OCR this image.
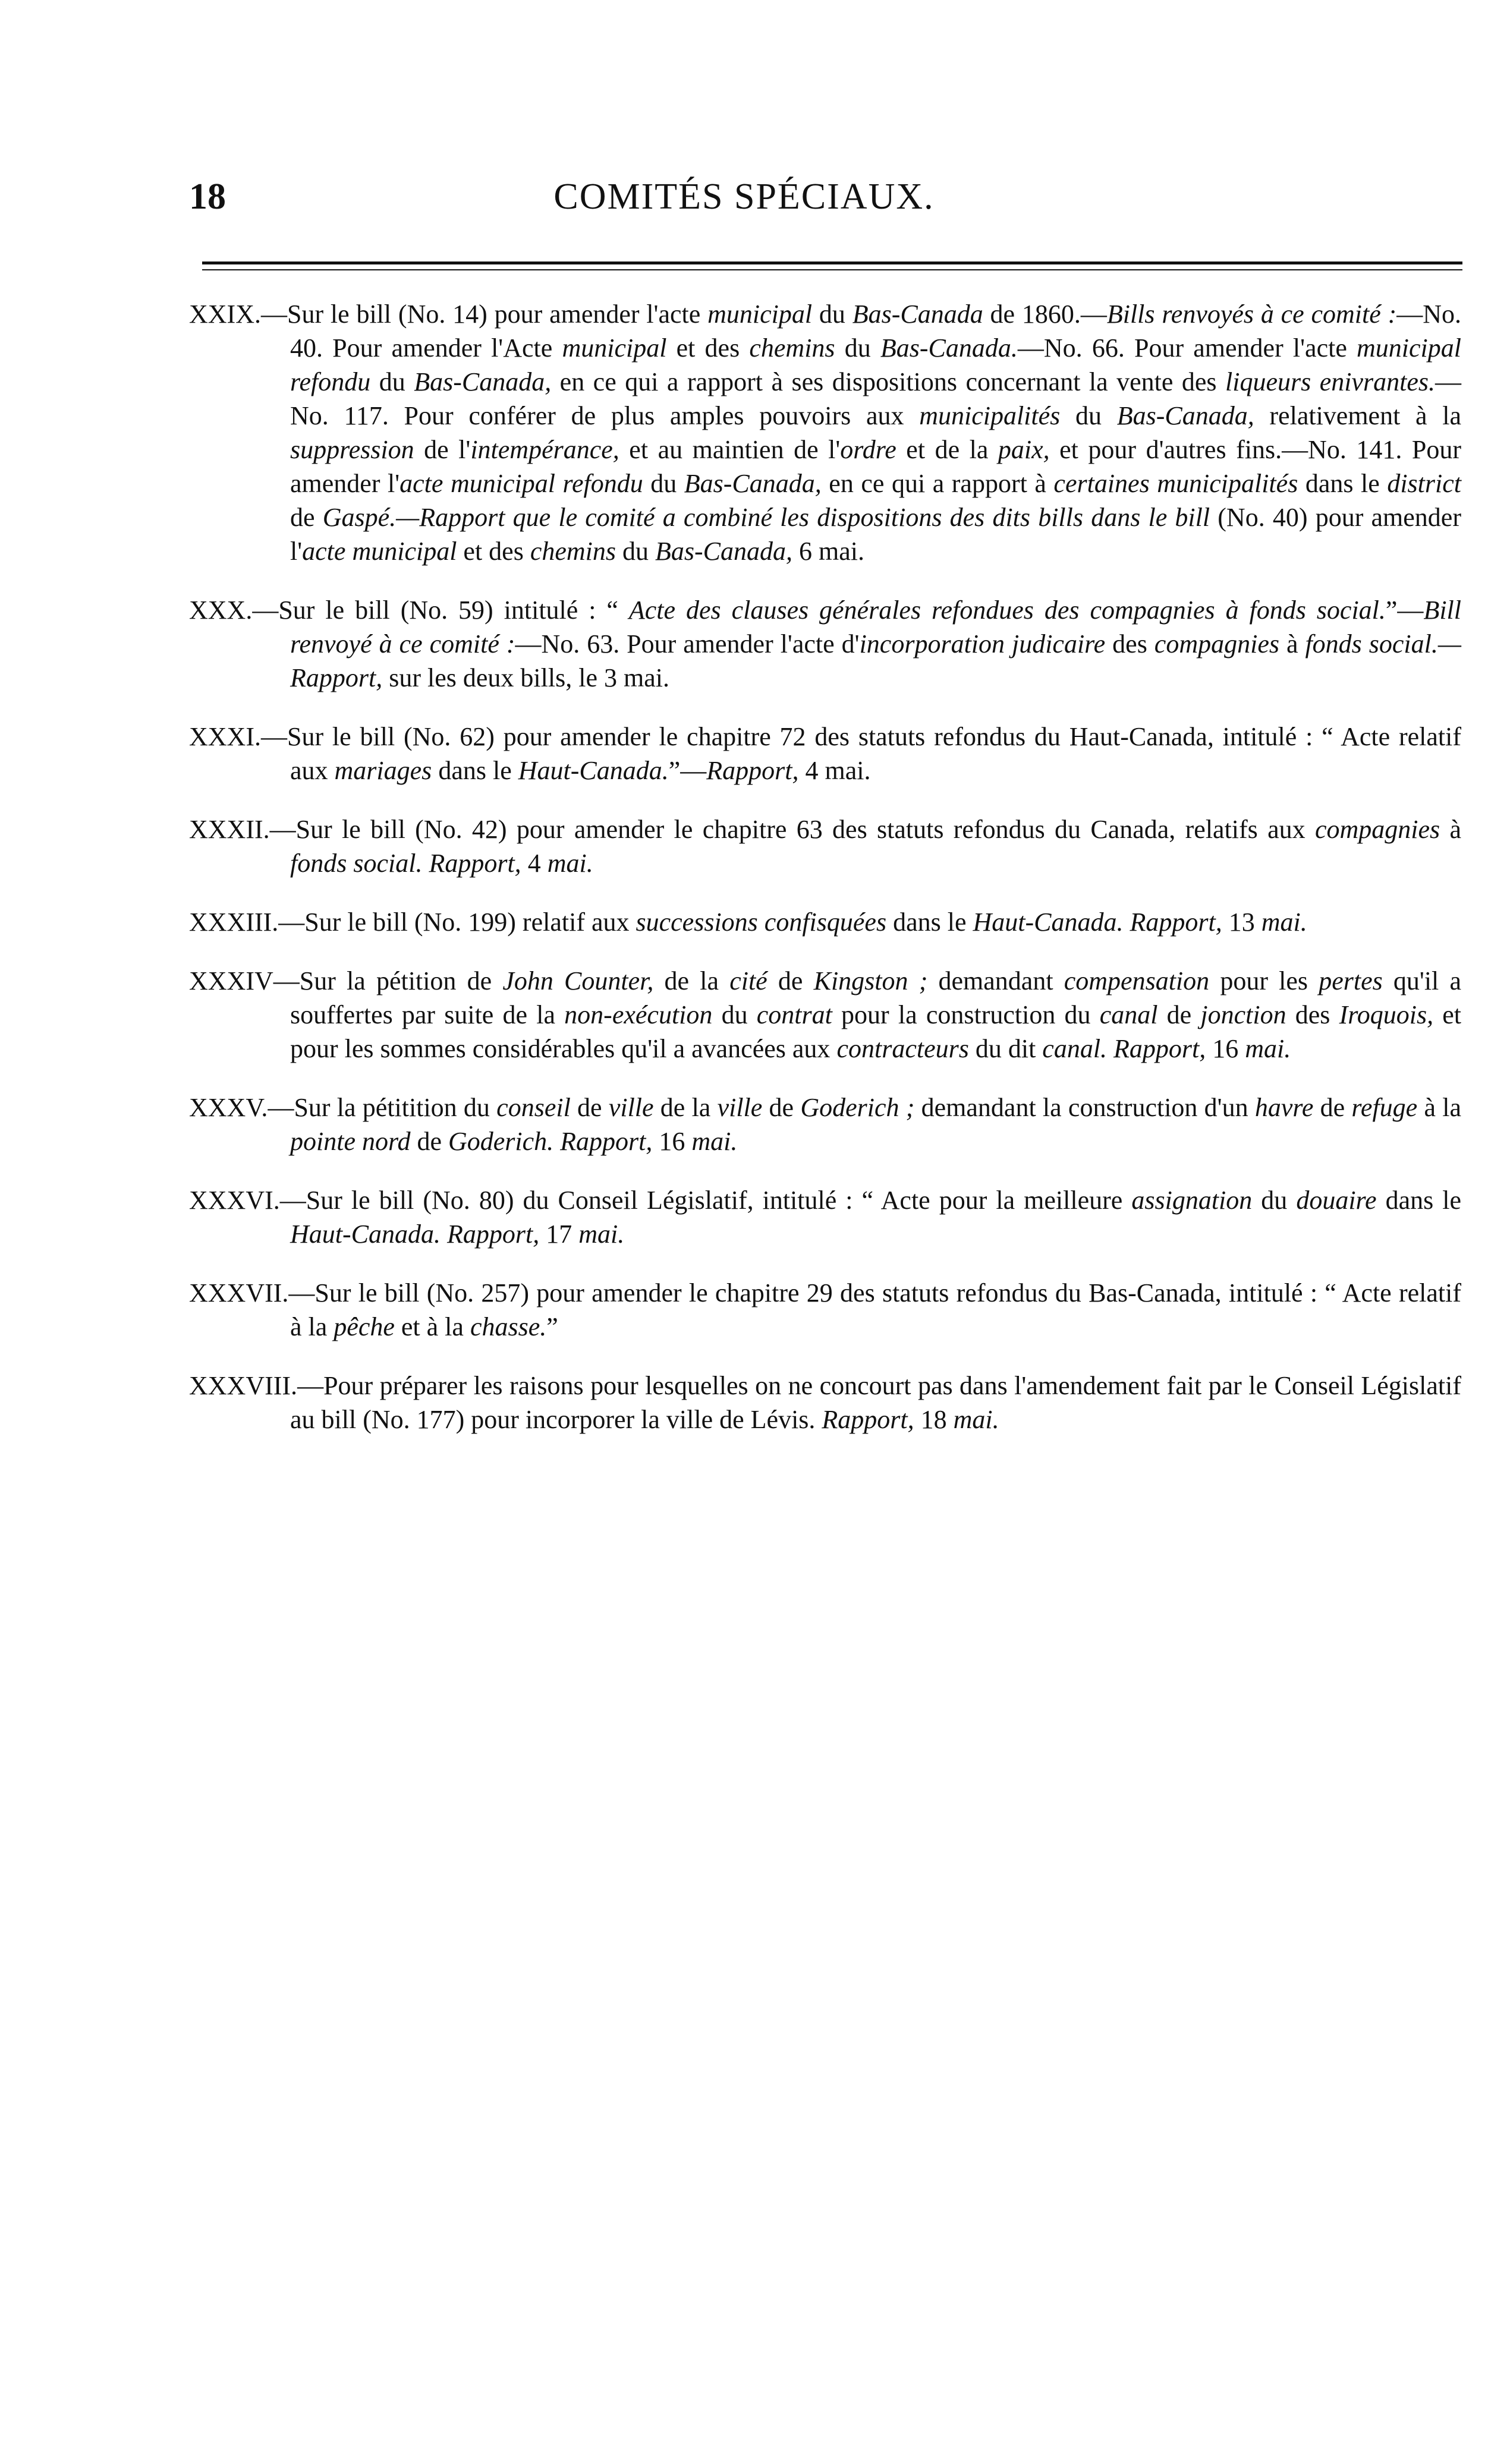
18	COMITÉS SPÉCIAUX.

XXIX.—Sur le bill (No. 14) pour amender l'acte municipal du Bas-Canada de 1860.—Bills renvoyés à ce comité :—No. 40. Pour amender l'Acte municipal et des chemins du Bas-Canada.—No. 66. Pour amender l'acte municipal refondu du Bas-Canada, en ce qui a rapport à ses dispositions concernant la vente des liqueurs enivrantes.—No. 117. Pour conférer de plus amples pouvoirs aux municipalités du Bas-Canada, relativement à la suppression de l'intempérance, et au maintien de l'ordre et de la paix, et pour d'autres fins.—No. 141. Pour amender l'acte municipal refondu du Bas-Canada, en ce qui a rapport à certaines municipalités dans le district de Gaspé.—Rapport que le comité a combiné les dispositions des dits bills dans le bill (No. 40) pour amender l'acte municipal et des chemins du Bas-Canada, 6 mai.

XXX.—Sur le bill (No. 59) intitulé : “ Acte des clauses générales refondues des compagnies à fonds social.”—Bill renvoyé à ce comité :—No. 63. Pour amender l'acte d'incorporation judicaire des compagnies à fonds social.—Rapport, sur les deux bills, le 3 mai.

XXXI.—Sur le bill (No. 62) pour amender le chapitre 72 des statuts refondus du Haut-Canada, intitulé : “ Acte relatif aux mariages dans le Haut-Canada.”—Rapport, 4 mai.

XXXII.—Sur le bill (No. 42) pour amender le chapitre 63 des statuts refondus du Canada, relatifs aux compagnies à fonds social. Rapport, 4 mai.

XXXIII.—Sur le bill (No. 199) relatif aux successions confisquées dans le Haut-Canada. Rapport, 13 mai.

XXXIV—Sur la pétition de John Counter, de la cité de Kingston ; demandant compensation pour les pertes qu'il a souffertes par suite de la non-exécution du contrat pour la construction du canal de jonction des Iroquois, et pour les sommes considérables qu'il a avancées aux contracteurs du dit canal. Rapport, 16 mai.

XXXV.—Sur la pétitition du conseil de ville de la ville de Goderich ; demandant la construction d'un havre de refuge à la pointe nord de Goderich. Rapport, 16 mai.

XXXVI.—Sur le bill (No. 80) du Conseil Législatif, intitulé : “ Acte pour la meilleure assignation du douaire dans le Haut-Canada. Rapport, 17 mai.

XXXVII.—Sur le bill (No. 257) pour amender le chapitre 29 des statuts refondus du Bas-Canada, intitulé : “ Acte relatif à la pêche et à la chasse.”

XXXVIII.—Pour préparer les raisons pour lesquelles on ne concourt pas dans l'amendement fait par le Conseil Législatif au bill (No. 177) pour incorporer la ville de Lévis. Rapport, 18 mai.
